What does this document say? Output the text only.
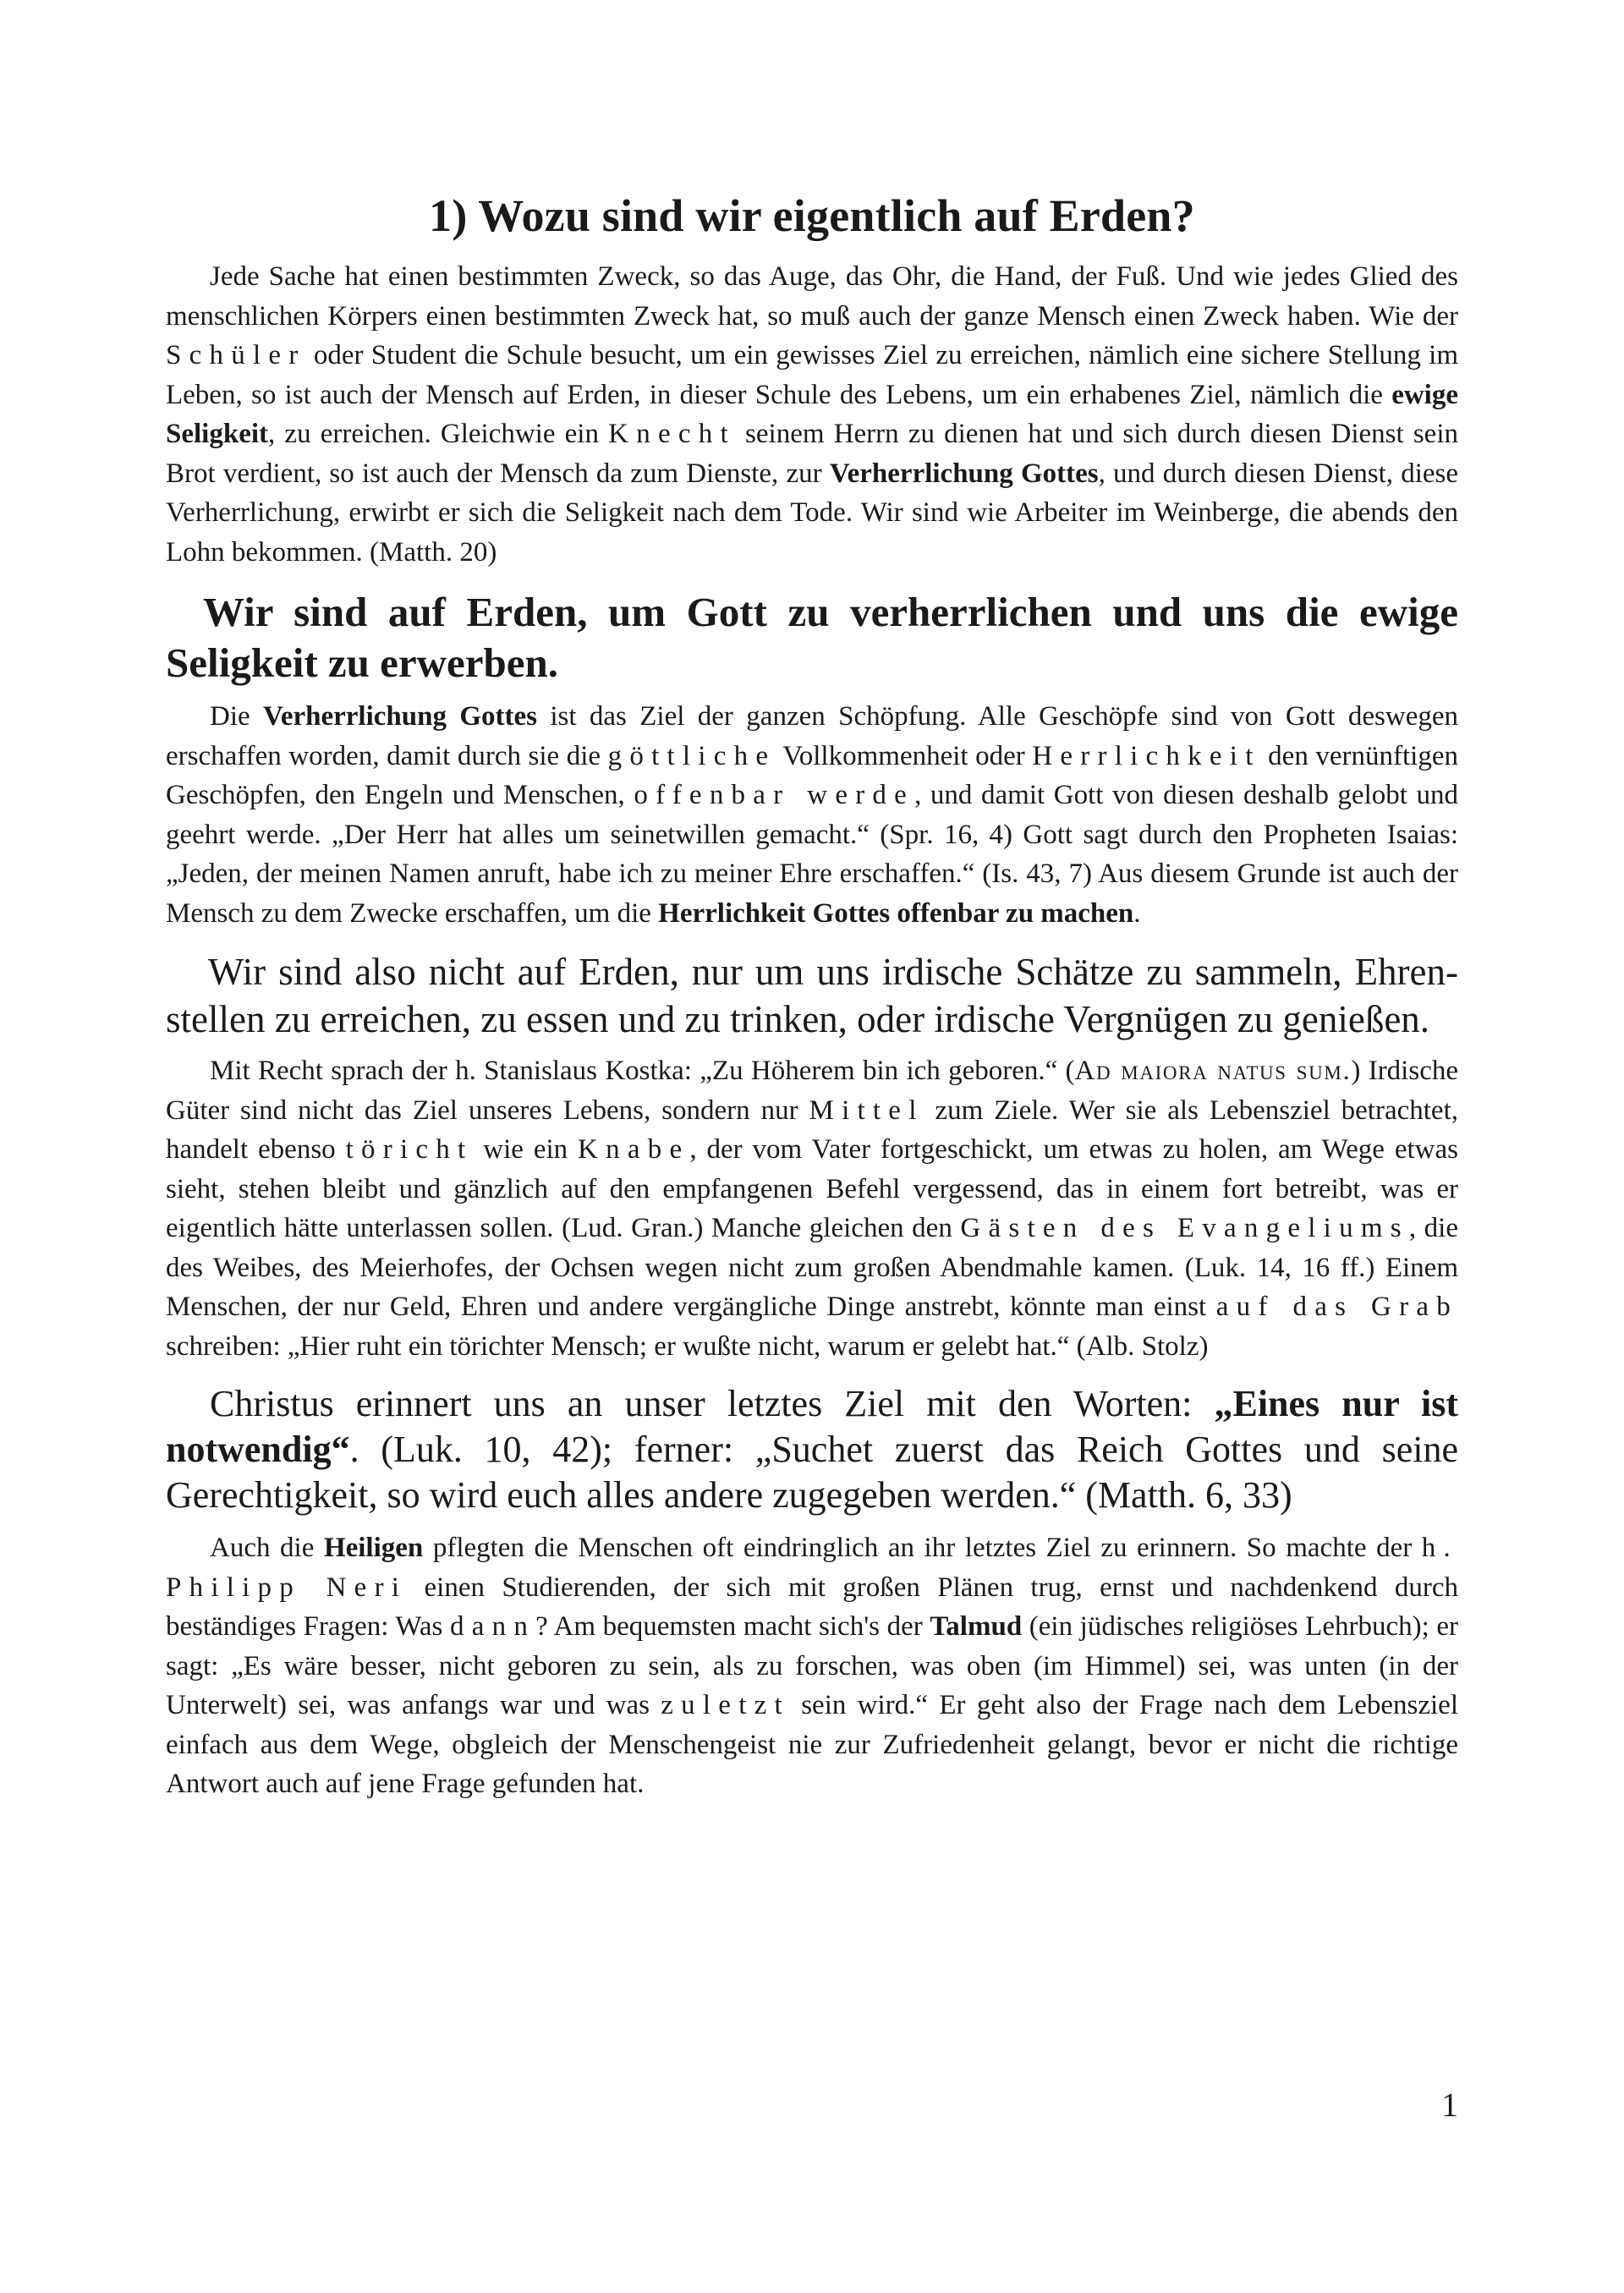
1) Wozu sind wir eigentlich auf Erden?

Jede Sache hat einen bestimmten Zweck, so das Auge, das Ohr, die Hand, der Fuß. Und wie jedes Glied des menschlichen Körpers einen bestimmten Zweck hat, so muß auch der ganze Mensch einen Zweck haben. Wie der Schüler oder Student die Schule besucht, um ein gewisses Ziel zu erreichen, nämlich eine sichere Stellung im Leben, so ist auch der Mensch auf Erden, in dieser Schule des Lebens, um ein erhabenes Ziel, nämlich die ewige Seligkeit, zu erreichen. Gleichwie ein Knecht seinem Herrn zu dienen hat und sich durch diesen Dienst sein Brot verdient, so ist auch der Mensch da zum Dienste, zur Verherrlichung Gottes, und durch diesen Dienst, diese Verherrlichung, erwirbt er sich die Seligkeit nach dem Tode. Wir sind wie Arbeiter im Weinberge, die abends den Lohn bekommen. (Matth. 20)

Wir sind auf Erden, um Gott zu verherrlichen und uns die ewige Seligkeit zu erwerben.

Die Verherrlichung Gottes ist das Ziel der ganzen Schöpfung. Alle Geschöpfe sind von Gott deswegen erschaffen worden, damit durch sie die göttliche Vollkommenheit oder Herrlichkeit den vernünftigen Geschöpfen, den Engeln und Menschen, offenbar werde, und damit Gott von diesen deshalb gelobt und geehrt werde. „Der Herr hat alles um seinetwillen gemacht.“ (Spr. 16, 4) Gott sagt durch den Propheten Isaias: „Jeden, der meinen Namen anruft, habe ich zu meiner Ehre erschaffen.“ (Is. 43, 7) Aus diesem Grunde ist auch der Mensch zu dem Zwecke erschaffen, um die Herrlichkeit Gottes offenbar zu machen.

Wir sind also nicht auf Erden, nur um uns irdische Schätze zu sammeln, Ehrenstellen zu erreichen, zu essen und zu trinken, oder irdische Vergnügen zu genießen.

Mit Recht sprach der h. Stanislaus Kostka: „Zu Höherem bin ich geboren.“ (Ad maiora natus sum.) Irdische Güter sind nicht das Ziel unseres Lebens, sondern nur Mittel zum Ziele. Wer sie als Lebensziel betrachtet, handelt ebenso töricht wie ein Knabe, der vom Vater fortgeschickt, um etwas zu holen, am Wege etwas sieht, stehen bleibt und gänzlich auf den empfangenen Befehl vergessend, das in einem fort betreibt, was er eigentlich hätte unterlassen sollen. (Lud. Gran.) Manche gleichen den Gästen des Evangeliums, die des Weibes, des Meierhofes, der Ochsen wegen nicht zum großen Abendmahle kamen. (Luk. 14, 16 ff.) Einem Menschen, der nur Geld, Ehren und andere vergängliche Dinge anstrebt, könnte man einst auf das Grab schreiben: „Hier ruht ein törichter Mensch; er wußte nicht, warum er gelebt hat.“ (Alb. Stolz)

Christus erinnert uns an unser letztes Ziel mit den Worten: „Eines nur ist notwendig“. (Luk. 10, 42); ferner: „Suchet zuerst das Reich Gottes und seine Gerechtigkeit, so wird euch alles andere zugegeben werden.“ (Matth. 6, 33)

Auch die Heiligen pflegten die Menschen oft eindringlich an ihr letztes Ziel zu erinnern. So machte der h. Philipp Neri einen Studierenden, der sich mit großen Plänen trug, ernst und nachdenkend durch beständiges Fragen: Was dann? Am bequemsten macht sich's der Talmud (ein jüdisches religiöses Lehrbuch); er sagt: „Es wäre besser, nicht geboren zu sein, als zu forschen, was oben (im Himmel) sei, was unten (in der Unterwelt) sei, was anfangs war und was zuletzt sein wird.“ Er geht also der Frage nach dem Lebensziel einfach aus dem Wege, obgleich der Menschengeist nie zur Zufriedenheit gelangt, bevor er nicht die richtige Antwort auch auf jene Frage gefunden hat.

1
